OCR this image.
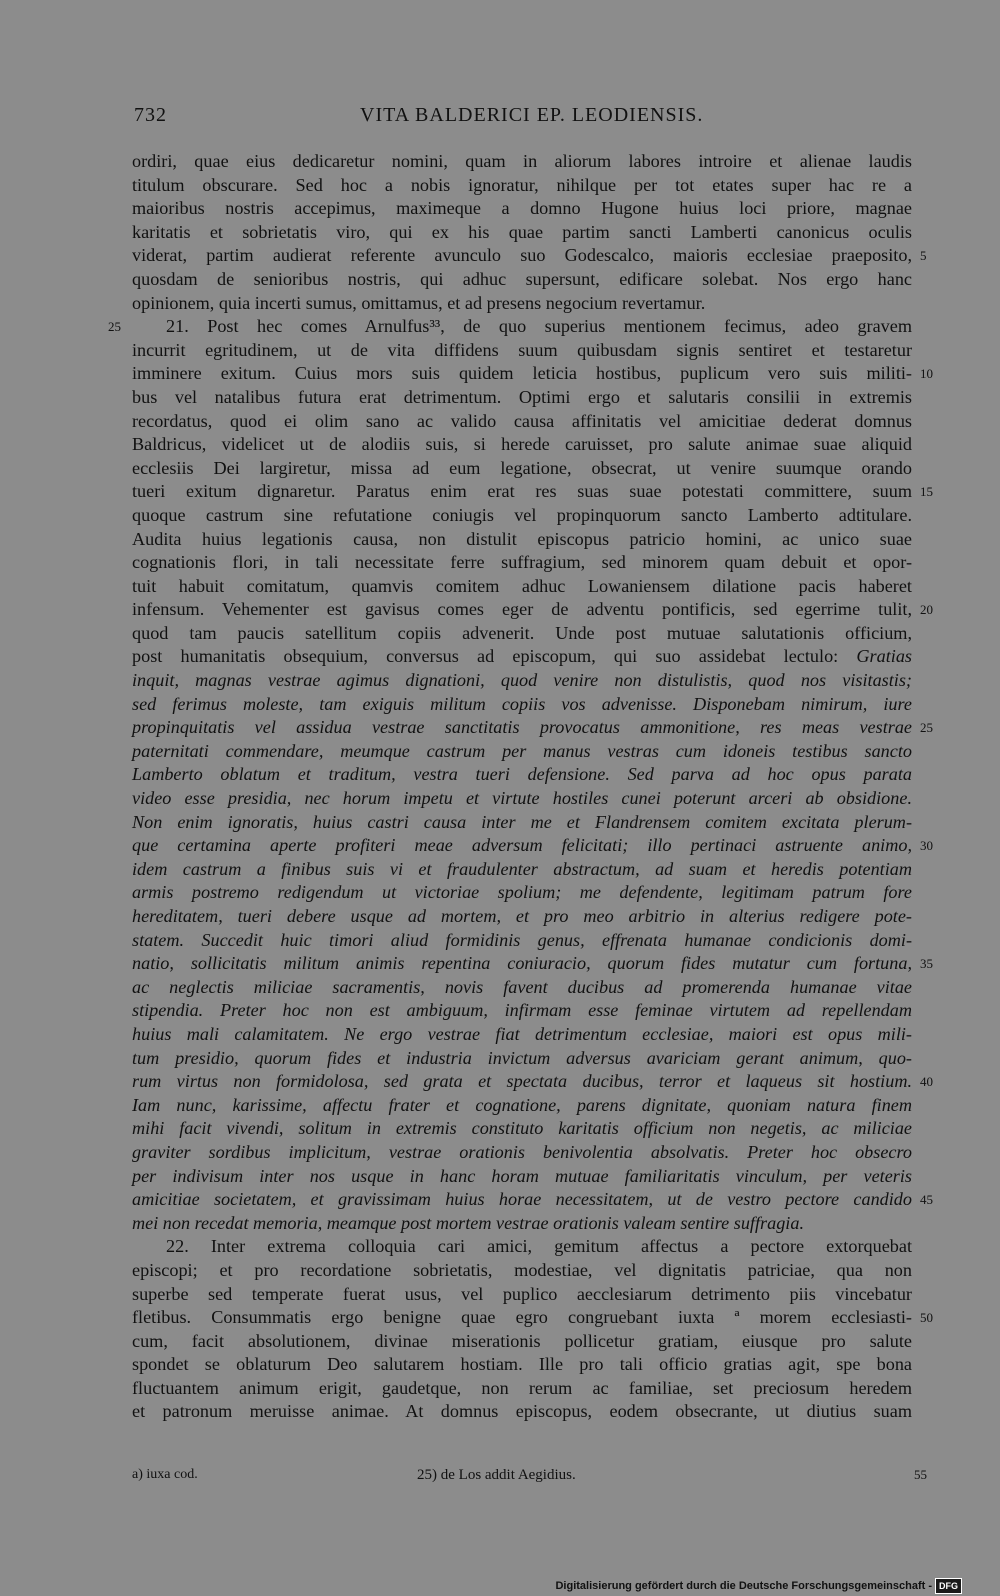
732	VITA BALDERICI EP. LEODIENSIS.
ordiri, quae eius dedicaretur nomini, quam in aliorum labores introire et alienae laudis
titulum obscurare. Sed hoc a nobis ignoratur, nihilque per tot etates super hac re a
maioribus nostris accepimus, maximeque a domno Hugone huius loci priore, magnae
karitatis et sobrietatis viro, qui ex his quae partim sancti Lamberti canonicus oculis
viderat, partim audierat referente avunculo suo Godescalco, maioris ecclesiae praeposito, 5
quosdam de senioribus nostris, qui adhuc supersunt, edificare solebat. Nos ergo hanc
opinionem, quia incerti sumus, omittamus, et ad presens negocium revertamur.
21. Post hec comes Arnulfus³³, de quo superius mentionem fecimus, adeo gravem
25
incurrit egritudinem, ut de vita diffidens suum quibusdam signis sentiret et testaretur
imminere exitum. Cuius mors suis quidem leticia hostibus, puplicum vero suis militi- 10
bus vel natalibus futura erat detrimentum. Optimi ergo et salutaris consilii in extremis
recordatus, quod ei olim sano ac valido causa affinitatis vel amicitiae dederat domnus
Baldricus, videlicet ut de alodiis suis, si herede caruisset, pro salute animae suae aliquid
ecclesiis Dei largiretur, missa ad eum legatione, obsecrat, ut venire suumque orando
tueri exitum dignaretur. Paratus enim erat res suas suae potestati committere, suum 15
quoque castrum sine refutatione coniugis vel propinquorum sancto Lamberto adtitulare.
Audita huius legationis causa, non distulit episcopus patricio homini, ac unico suae
cognationis flori, in tali necessitate ferre suffragium, sed minorem quam debuit et opor-
tuit habuit comitatum, quamvis comitem adhuc Lowaniensem dilatione pacis haberet
infensum. Vehementer est gavisus comes eger de adventu pontificis, sed egerrime tulit, 20
quod tam paucis satellitum copiis advenerit. Unde post mutuae salutationis officium,
post humanitatis obsequium, conversus ad episcopum, qui suo assidebat lectulo: Gratias
inquit, magnas vestrae agimus dignationi, quod venire non distulistis, quod nos visitastis;
sed ferimus moleste, tam exiguis militum copiis vos advenisse. Disponebam nimirum, iure
propinquitatis vel assidua vestrae sanctitatis provocatus ammonitione, res meas vestrae 25
paternitati commendare, meumque castrum per manus vestras cum idoneis testibus sancto
Lamberto oblatum et traditum, vestra tueri defensione. Sed parva ad hoc opus parata
video esse presidia, nec horum impetu et virtute hostiles cunei poterunt arceri ab obsidione.
Non enim ignoratis, huius castri causa inter me et Flandrensem comitem excitata plerum-
que certamina aperte profiteri meae adversum felicitati; illo pertinaci astruente animo, 30
idem castrum a finibus suis vi et fraudulenter abstractum, ad suam et heredis potentiam
armis postremo redigendum ut victoriae spolium; me defendente, legitimam patrum fore
hereditatem, tueri debere usque ad mortem, et pro meo arbitrio in alterius redigere pote-
statem. Succedit huic timori aliud formidinis genus, effrenata humanae condicionis domi-
natio, sollicitatis militum animis repentina coniuracio, quorum fides mutatur cum fortuna, 35
ac neglectis miliciae sacramentis, novis favent ducibus ad promerenda humanae vitae
stipendia. Preter hoc non est ambiguum, infirmam esse feminae virtutem ad repellendam
huius mali calamitatem. Ne ergo vestrae fiat detrimentum ecclesiae, maiori est opus mili-
tum presidio, quorum fides et industria invictum adversus avariciam gerant animum, quo-
rum virtus non formidolosa, sed grata et spectata ducibus, terror et laqueus sit hostium. 40
Iam nunc, karissime, affectu frater et cognatione, parens dignitate, quoniam natura finem
mihi facit vivendi, solitum in extremis constituto karitatis officium non negetis, ac miliciae
graviter sordibus implicitum, vestrae orationis benivolentia absolvatis. Preter hoc obsecro
per indivisum inter nos usque in hanc horam mutuae familiaritatis vinculum, per veteris
amicitiae societatem, et gravissimam huius horae necessitatem, ut de vestro pectore candido 45
mei non recedat memoria, meamque post mortem vestrae orationis valeam sentire suffragia.
22. Inter extrema colloquia cari amici, gemitum affectus a pectore extorquebat
episcopi; et pro recordatione sobrietatis, modestiae, vel dignitatis patriciae, qua non
superbe sed temperate fuerat usus, vel puplico aecclesiarum detrimento piis vincebatur
fletibus. Consummatis ergo benigne quae egro congruebant iuxta ª morem ecclesiasti- 50
cum, facit absolutionem, divinae miserationis pollicetur gratiam, eiusque pro salute
spondet se oblaturum Deo salutarem hostiam. Ille pro tali officio gratias agit, spe bona
fluctuantem animum erigit, gaudetque, non rerum ac familiae, set preciosum heredem
et patronum meruisse animae. At domnus episcopus, eodem obsecrante, ut diutius suam
a) iuxa cod.	25) de Los addit Aegidius.	55
Digitalisierung gefördert durch die Deutsche Forschungsgemeinschaft - DFG
